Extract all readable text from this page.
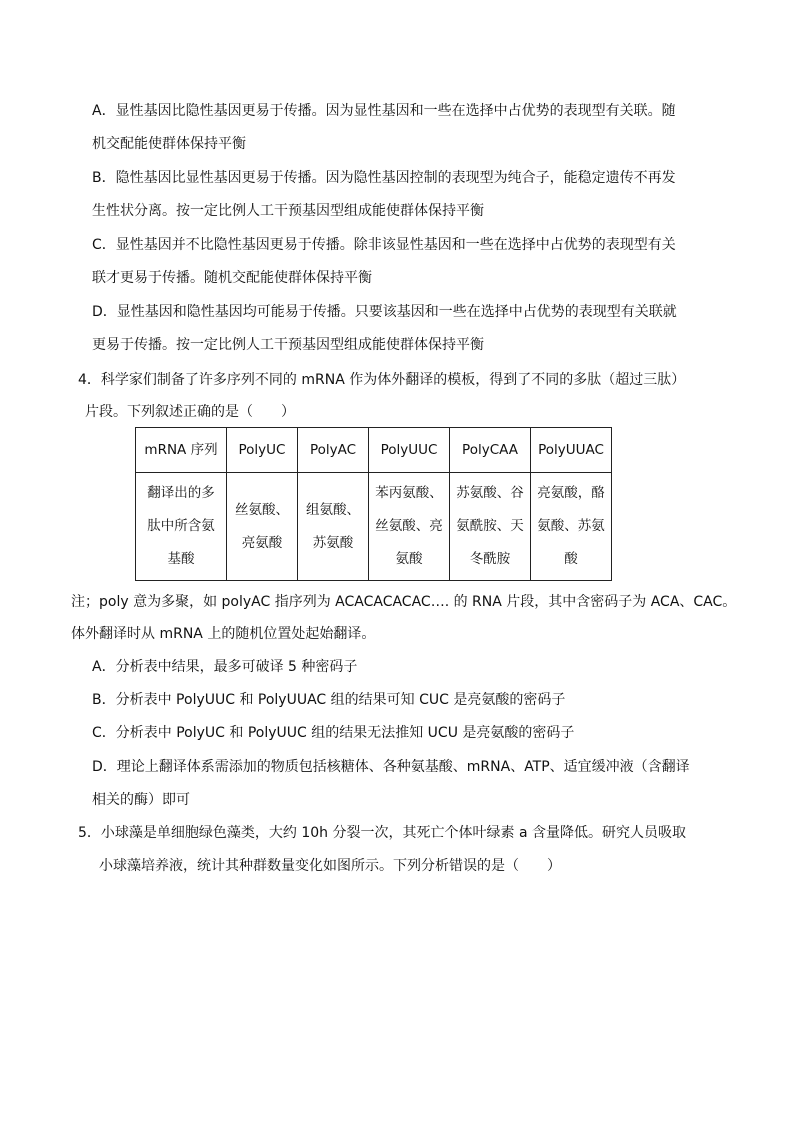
A．显性基因比隐性基因更易于传播。因为显性基因和一些在选择中占优势的表现型有关联。随
机交配能使群体保持平衡
B．隐性基因比显性基因更易于传播。因为隐性基因控制的表现型为纯合子，能稳定遗传不再发
生性状分离。按一定比例人工干预基因型组成能使群体保持平衡
C．显性基因并不比隐性基因更易于传播。除非该显性基因和一些在选择中占优势的表现型有关
联才更易于传播。随机交配能使群体保持平衡
D．显性基因和隐性基因均可能易于传播。只要该基因和一些在选择中占优势的表现型有关联就
更易于传播。按一定比例人工干预基因型组成能使群体保持平衡
4．科学家们制备了许多序列不同的 mRNA 作为体外翻译的模板，得到了不同的多肽（超过三肽）
片段。下列叙述正确的是（　　）
mRNA 序列	PolyUC	PolyAC	PolyUUC	PolyCAA	PolyUUAC
翻译出的多
肽中所含氨
基酸	丝氨酸、
亮氨酸	组氨酸、
苏氨酸	苯丙氨酸、
丝氨酸、亮
氨酸	苏氨酸、谷
氨酰胺、天
冬酰胺	亮氨酸，酪
氨酸、苏氨
酸
注；poly 意为多聚，如 polyAC 指序列为 ACACACACAC…. 的 RNA 片段，其中含密码子为 ACA、CAC。
体外翻译时从 mRNA 上的随机位置处起始翻译。
A．分析表中结果，最多可破译 5 种密码子
B．分析表中 PolyUUC 和 PolyUUAC 组的结果可知 CUC 是亮氨酸的密码子
C．分析表中 PolyUC 和 PolyUUC 组的结果无法推知 UCU 是亮氨酸的密码子
D．理论上翻译体系需添加的物质包括核糖体、各种氨基酸、mRNA、ATP、适宜缓冲液（含翻译
相关的酶）即可
5．小球藻是单细胞绿色藻类，大约 10h 分裂一次，其死亡个体叶绿素 a 含量降低。研究人员吸取
小球藻培养液，统计其种群数量变化如图所示。下列分析错误的是（　　）
